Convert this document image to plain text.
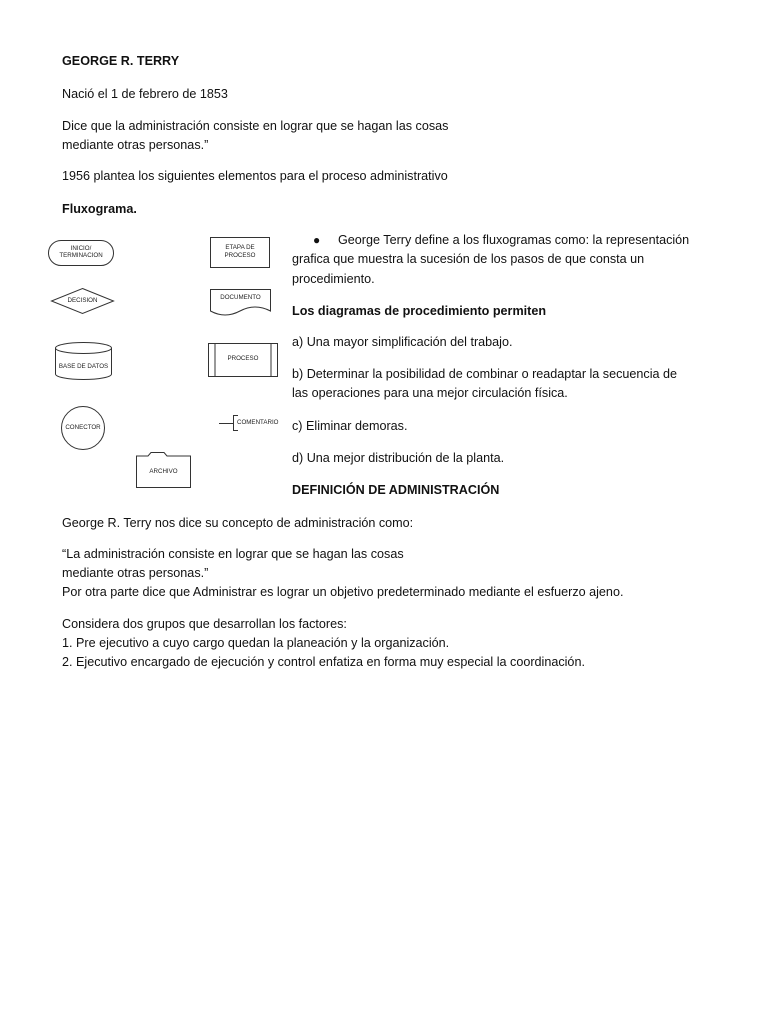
GEORGE R. TERRY

Nació el 1 de febrero de 1853

Dice que la administración consiste en lograr que se hagan las cosas

mediante otras personas.”

1956 plantea los siguientes elementos para el proceso administrativo

Fluxograma.

INICIO/
TERMINACION
ETAPA DE
PROCESO
DECISION	DOCUMENTO
BASE DE DATOS
PROCESO
CONECTOR
COMENTARIO
ARCHIVO
● George Terry define a los fluxogramas como: la representación

grafica que muestra la sucesión de los pasos de que consta un

procedimiento.

Los diagramas de procedimiento permiten

a) Una mayor simplificación del trabajo.

b) Determinar la posibilidad de combinar o readaptar la secuencia de

las operaciones para una mejor circulación física.

c) Eliminar demoras.

d) Una mejor distribución de la planta.

DEFINICIÓN DE ADMINISTRACIÓN

George R. Terry nos dice su concepto de administración como:

“La administración consiste en lograr que se hagan las cosas

mediante otras personas.”

Por otra parte dice que Administrar es lograr un objetivo predeterminado mediante el esfuerzo ajeno.

Considera dos grupos que desarrollan los factores:

1. Pre ejecutivo a cuyo cargo quedan la planeación y la organización.

2. Ejecutivo encargado de ejecución y control enfatiza en forma muy especial la coordinación.
